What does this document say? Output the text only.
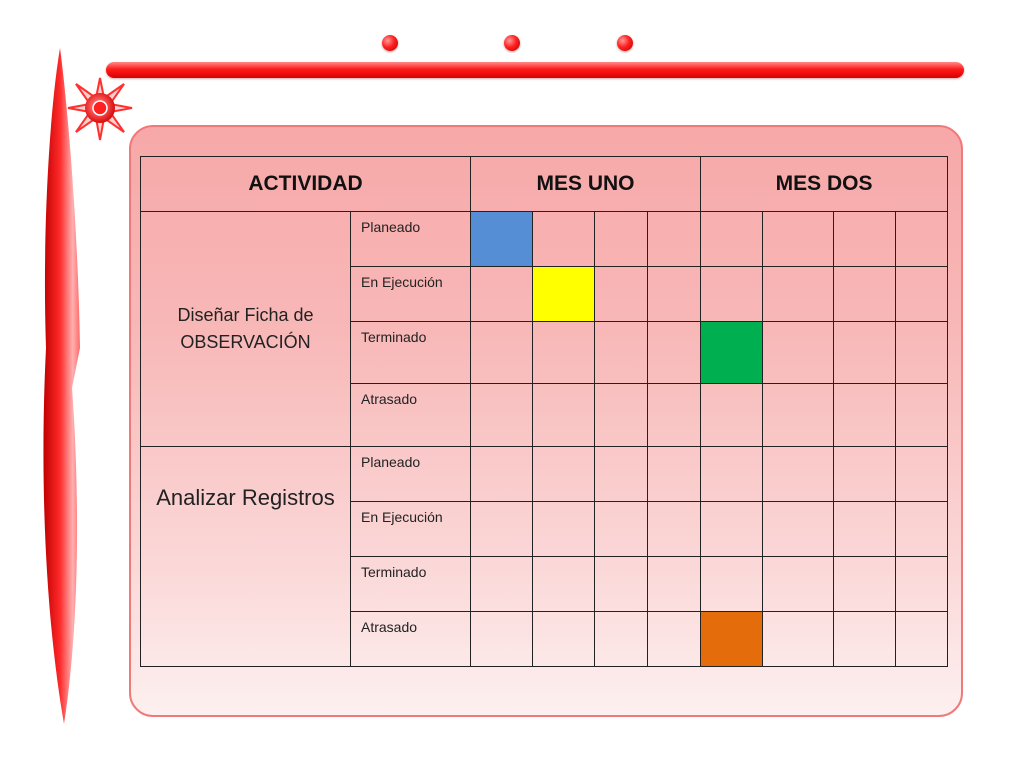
ACTIVIDAD		MES UNO				MES DOS			
Diseñar Ficha de
OBSERVACIÓN	Planeado								
	En Ejecución								
	Terminado								
	Atrasado								
Analizar Registros	Planeado								
	En Ejecución								
	Terminado								
	Atrasado								
